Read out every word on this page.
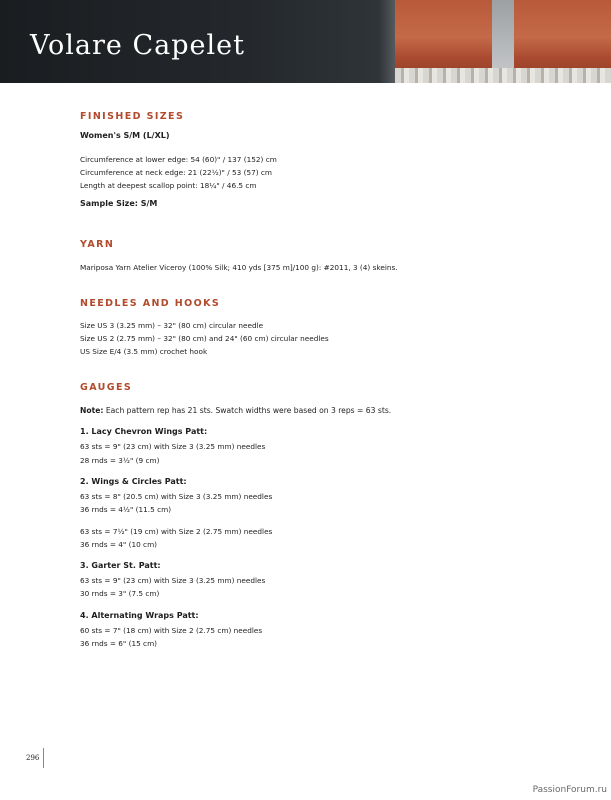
Volare Capelet
FINISHED SIZES
Women's S/M (L/XL)
Circumference at lower edge: 54 (60)" / 137 (152) cm
Circumference at neck edge: 21 (22½)" / 53 (57) cm
Length at deepest scallop point: 18¼" / 46.5 cm
Sample Size: S/M
YARN
Mariposa Yarn Atelier Viceroy (100% Silk; 410 yds [375 m]/100 g): #2011, 3 (4) skeins.
NEEDLES AND HOOKS
Size US 3 (3.25 mm) – 32" (80 cm) circular needle
Size US 2 (2.75 mm) – 32" (80 cm) and 24" (60 cm) circular needles
US Size E/4 (3.5 mm) crochet hook
GAUGES
Note: Each pattern rep has 21 sts. Swatch widths were based on 3 reps = 63 sts.
1. Lacy Chevron Wings Patt:
63 sts = 9" (23 cm) with Size 3 (3.25 mm) needles
28 rnds = 3½" (9 cm)
2. Wings & Circles Patt:
63 sts = 8" (20.5 cm) with Size 3 (3.25 mm) needles
36 rnds = 4½" (11.5 cm)
63 sts = 7½" (19 cm) with Size 2 (2.75 mm) needles
36 rnds = 4" (10 cm)
3. Garter St. Patt:
63 sts = 9" (23 cm) with Size 3 (3.25 mm) needles
30 rnds = 3" (7.5 cm)
4. Alternating Wraps Patt:
60 sts = 7" (18 cm) with Size 2 (2.75 cm) needles
36 rnds = 6" (15 cm)
296
PassionForum.ru
